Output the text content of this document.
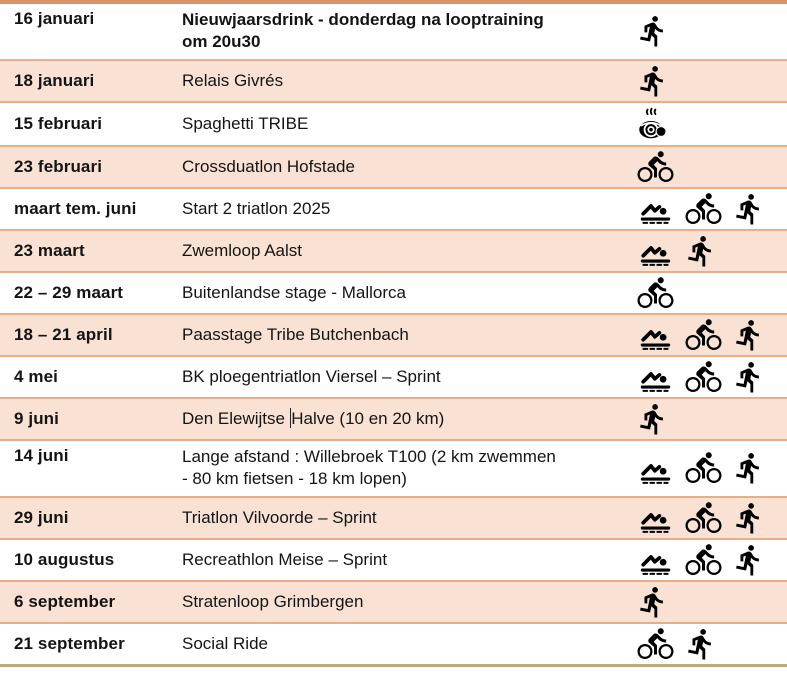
16 januari	Nieuwjaarsdrink - donderdag na looptraining
om 20u30
18 januari	Relais Givrés
15 februari	Spaghetti TRIBE
23 februari	Crossduatlon Hofstade
maart tem. juni	Start 2 triatlon 2025
23 maart	Zwemloop Aalst
22 – 29 maart	Buitenlandse stage - Mallorca
18 – 21 april	Paasstage Tribe Butchenbach
4 mei	BK ploegentriatlon Viersel – Sprint
9 juni	Den Elewijtse Halve (10 en 20 km)
14 juni	Lange afstand : Willebroek T100 (2 km zwemmen
- 80 km fietsen - 18 km lopen)
29 juni	Triatlon Vilvoorde – Sprint
10 augustus	Recreathlon Meise – Sprint
6 september	Stratenloop Grimbergen
21 september	Social Ride
